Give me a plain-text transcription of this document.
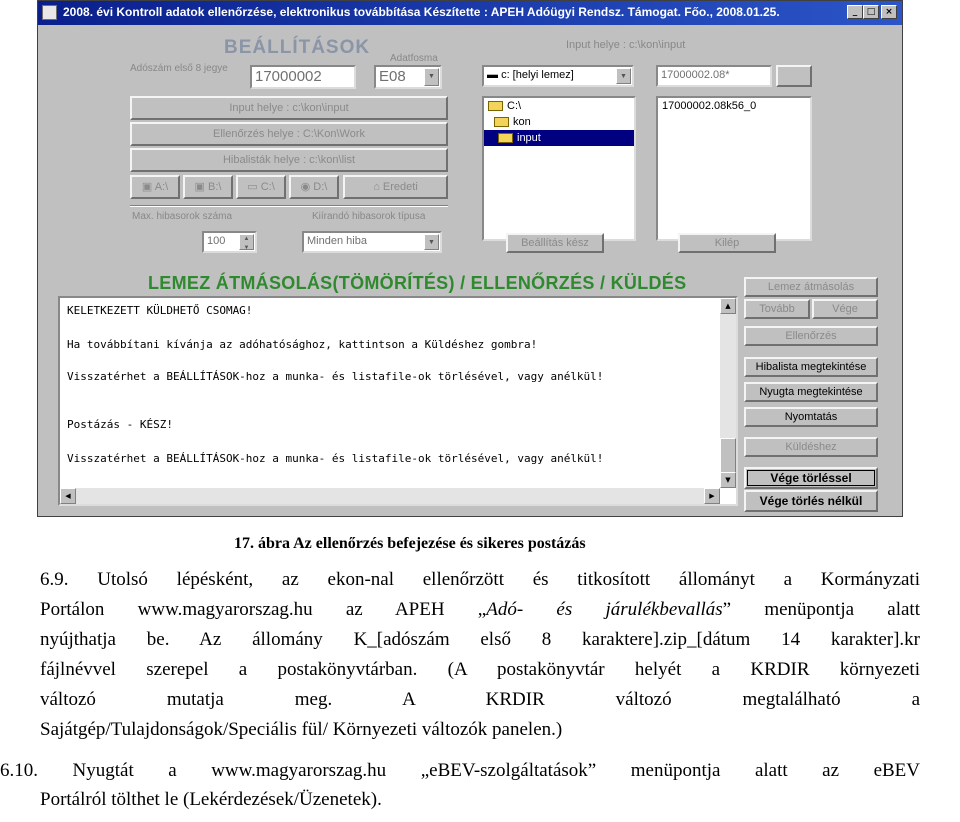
2008. évi Kontroll adatok ellenőrzése, elektronikus továbbítása Készítette : APEH Adóügyi Rendsz. Támogat. Főo., 2008.01.25.	_	□	×
BEÁLLÍTÁSOK
Adószám első 8 jegye	17000002
Adatfosma
E08	▼
Input helye : c:\kon\input
Ellenőrzés helye : C:\Kon\Work
Hibalisták helye : c:\kon\list
▣ A:\	▣ B:\	▭ C:\	◉ D:\	⌂ Eredeti
Max. hibasorok száma
100	▲
▼
Kiírandó hibasorok típusa
Minden hiba	▼
Input helye : c:\kon\input
▬ c: [helyi lemez]	▼	17000002.08*
C:\
kon
input
17000002.08k56_0
Beállítás kész	Kilép
LEMEZ ÁTMÁSOLÁS(TÖMÖRÍTÉS) / ELLENŐRZÉS / KÜLDÉS
KELETKEZETT KÜLDHETŐ CSOMAG!
Ha továbbítani kívánja az adóhatósághoz, kattintson a Küldéshez gombra!
Visszatérhet a BEÁLLÍTÁSOK-hoz a munka- és listafile-ok törlésével, vagy anélkül!
Postázás - KÉSZ!
Visszatérhet a BEÁLLÍTÁSOK-hoz a munka- és listafile-ok törlésével, vagy anélkül!
▲
▼
◀	▶
Lemez átmásolás
Tovább	Vége
Ellenőrzés
Hibalista megtekintése
Nyugta megtekintése
Nyomtatás
Küldéshez
Vége törléssel
Vége törlés nélkül
17. ábra Az ellenőrzés befejezése és sikeres postázás
6.9. Utolsó lépésként, az ekon-nal ellenőrzött és titkosított állományt a Kormányzati
Portálon www.magyarorszag.hu az APEH „Adó- és járulékbevallás” menüpontja alatt
nyújthatja be. Az állomány K_[adószám első 8 karaktere].zip_[dátum 14 karakter].kr
fájlnévvel szerepel a postakönyvtárban. (A postakönyvtár helyét a KRDIR környezeti
változó mutatja meg. A KRDIR változó megtalálható a
Sajátgép/Tulajdonságok/Speciális fül/ Környezeti változók panelen.)
6.10. Nyugtát a www.magyarorszag.hu „eBEV-szolgáltatások” menüpontja alatt az eBEV
Portálról tölthet le (Lekérdezések/Üzenetek).
